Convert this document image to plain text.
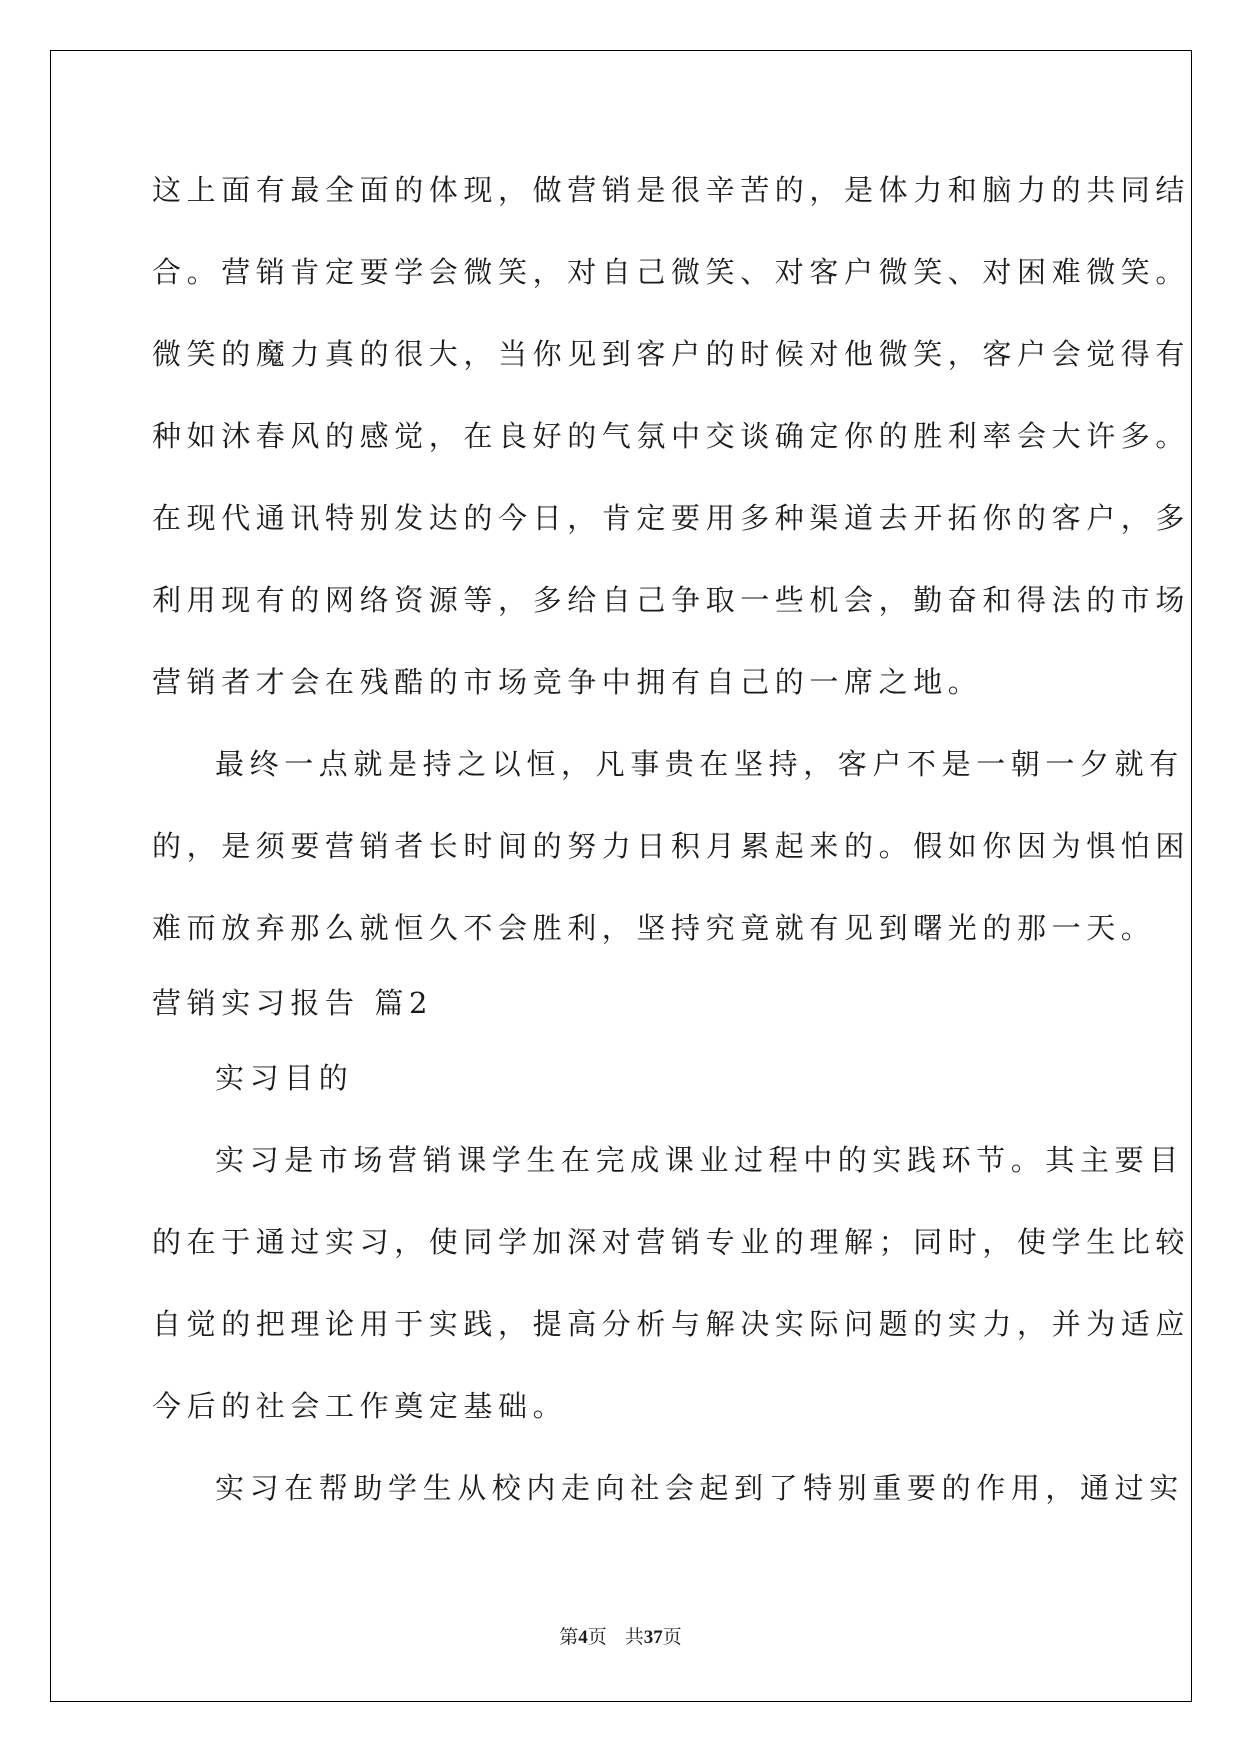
这上面有最全面的体现，做营销是很辛苦的，是体力和脑力的共同结
合。营销肯定要学会微笑，对自己微笑、对客户微笑、对困难微笑。
微笑的魔力真的很大，当你见到客户的时候对他微笑，客户会觉得有
种如沐春风的感觉，在良好的气氛中交谈确定你的胜利率会大许多。
在现代通讯特别发达的今日，肯定要用多种渠道去开拓你的客户，多
利用现有的网络资源等，多给自己争取一些机会，勤奋和得法的市场
营销者才会在残酷的市场竞争中拥有自己的一席之地。
最终一点就是持之以恒，凡事贵在坚持，客户不是一朝一夕就有
的，是须要营销者长时间的努力日积月累起来的。假如你因为惧怕困
难而放弃那么就恒久不会胜利，坚持究竟就有见到曙光的那一天。
营销实习报告 篇2
实习目的
实习是市场营销课学生在完成课业过程中的实践环节。其主要目
的在于通过实习，使同学加深对营销专业的理解；同时，使学生比较
自觉的把理论用于实践，提高分析与解决实际问题的实力，并为适应
今后的社会工作奠定基础。
实习在帮助学生从校内走向社会起到了特别重要的作用，通过实
第4页 共37页
